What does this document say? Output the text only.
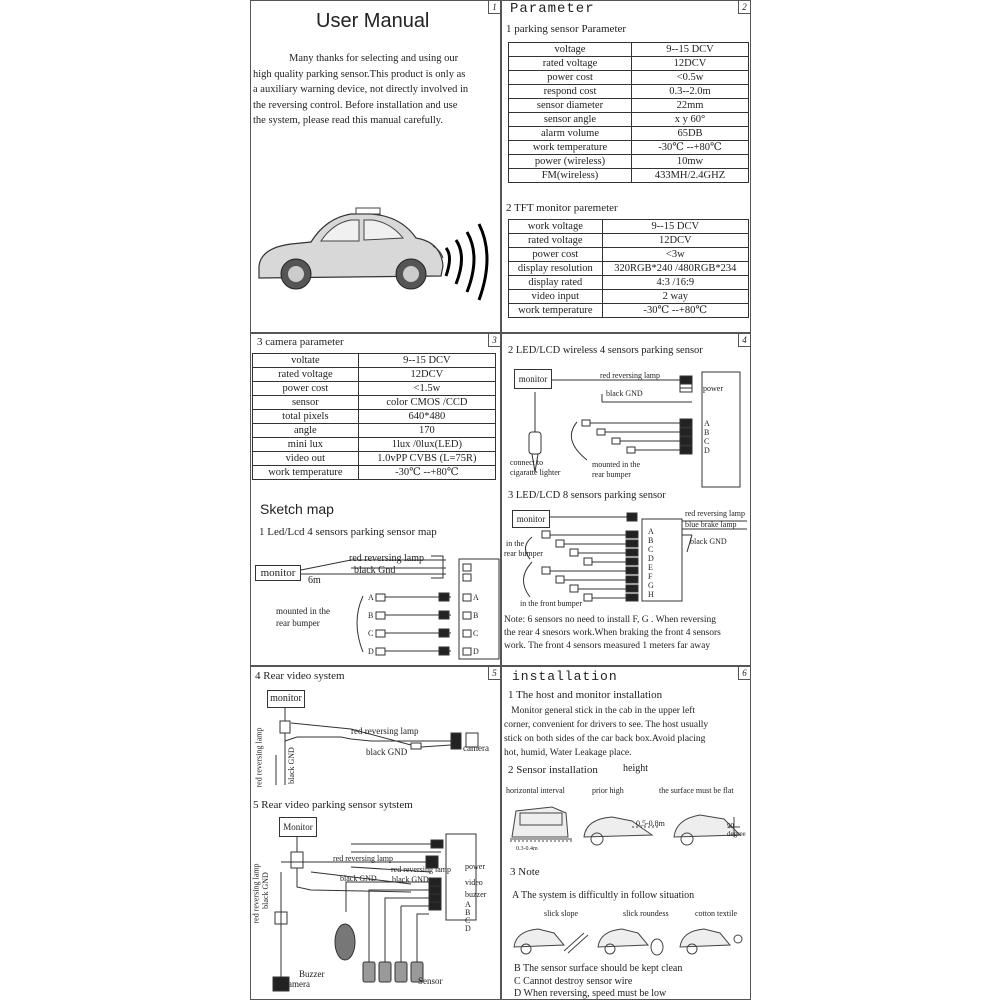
1
User Manual
Many thanks for selecting and using our
high quality parking sensor.This product is only as
a auxiliary warning device, not directly involved in
the reversing control. Before installation and use
the system, please read this manual carefully.
2
Parameter
1 parking sensor Parameter
voltage	9--15 DCV
rated voltage	12DCV
power cost	<0.5w
respond cost	0.3--2.0m
sensor diameter	22mm
sensor angle	x y 60°
alarm volume	65DB
work temperature	-30℃ --+80℃
power (wireless)	10mw
FM(wireless)	433MH/2.4GHZ
2 TFT monitor paremeter
work voltage	9--15 DCV
rated voltage	12DCV
power cost	<3w
display resolution	320RGB*240 /480RGB*234
display rated	4:3 /16:9
video input	2 way
work temperature	-30℃ --+80℃
3
3 camera parameter
voltate	9--15 DCV
rated voltage	12DCV
power cost	<1.5w
sensor	color CMOS /CCD
total pixels	640*480
angle	170
mini lux	1lux /0lux(LED)
video out	1.0vPP CVBS (L=75R)
work temperature	-30℃ --+80℃
Sketch map
1 Led/Lcd 4 sensors parking sensor map
monitor
red reversing lamp
black Gnd
6m
mounted in the
rear bumper
A
B
C
D
A
B
C
D
4
2 LED/LCD wireless 4 sensors parking sensor
monitor	red reversing lamp
black GND
power
connect to
cigaratte lighter
mounted in the
rear bumper
A
B
C
D
3 LED/LCD 8 sensors parking sensor
monitor
red reversing lamp
blue brake lamp
black GND
in the
rear bumper
in the front bumper
A
B
C
D
E
F
G
H
Note: 6 sensors no need to install F, G . When reversing
the rear 4 snesors work.When braking the front 4 sensors
work. The front 4 sensors measured 1 meters far away
5
4 Rear video system
monitor
red reversing lamp
black GND	camera
red reversing lamp	black GND
5 Rear video parking sensor sytstem
Monitor
red reversing lamp
black GND
red reversing lamp
black GND
power
video
buzzer
A
B
C
D
red reversing lamp black GND
Buzzer
Sensor
camera
6
installation
1 The host and monitor installation
Monitor general stick in the cab in the upper left
corner, convenient for drivers to see. The host usually
stick on both sides of the car back box.Avoid placing
hot, humid, Water Leakage place.
2 Sensor installation	height
horizontal interval	prior high	the surface must be flat
0.3-0.4m
0.5-0.8m	90 degree
3 Note
A The system is difficultly in follow situation
slick slope	slick roundess	cotton textile
B The sensor surface should be kept clean
C Cannot destroy sensor wire
D When reversing, speed must be low
